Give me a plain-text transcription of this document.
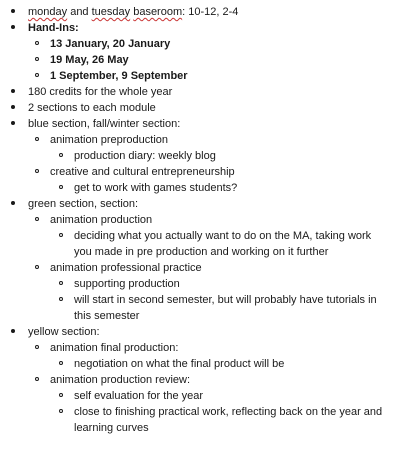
monday and tuesday baseroom: 10-12, 2-4
Hand-Ins:
13 January, 20 January
19 May, 26 May
1 September, 9 September
180 credits for the whole year
2 sections to each module
blue section, fall/winter section:
animation preproduction
production diary: weekly blog
creative and cultural entrepreneurship
get to work with games students?
green section, section:
animation production
deciding what you actually want to do on the MA, taking work you made in pre production and working on it further
animation professional practice
supporting production
will start in second semester, but will probably have tutorials in this semester
yellow section:
animation final production:
negotiation on what the final product will be
animation production review:
self evaluation for the year
close to finishing practical work, reflecting back on the year and learning curves
